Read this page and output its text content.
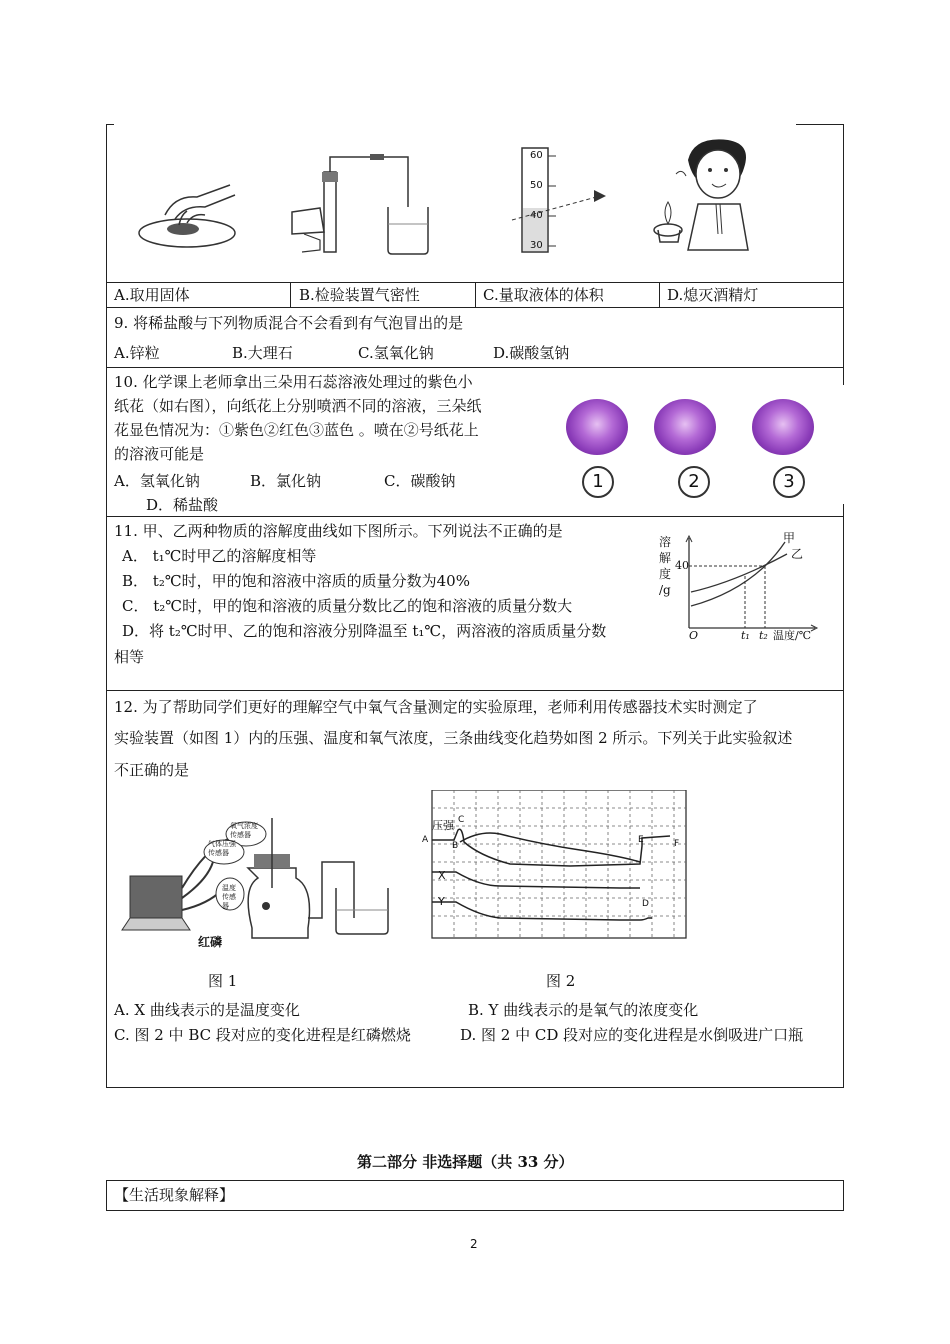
60
50
40
30
A.取用固体	B.检验装置气密性	C.量取液体的体积	D.熄灭酒精灯
9. 将稀盐酸与下列物质混合不会看到有气泡冒出的是
A.锌粒	B.大理石	C.氢氧化钠	D.碳酸氢钠
10. 化学课上老师拿出三朵用石蕊溶液处理过的紫色小
纸花（如右图），向纸花上分别喷洒不同的溶液，三朵纸
花显色情况为：①紫色②红色③蓝色 。喷在②号纸花上
的溶液可能是
A．氢氧化钠	B．氯化钠	C．碳酸钠
D．稀盐酸
1	2	3
11. 甲、乙两种物质的溶解度曲线如下图所示。下列说法不正确的是
A． t₁℃时甲乙的溶解度相等
B． t₂℃时，甲的饱和溶液中溶质的质量分数为40%
C． t₂℃时，甲的饱和溶液的质量分数比乙的饱和溶液的质量分数大
D．将 t₂℃时甲、乙的饱和溶液分别降温至 t₁℃，两溶液的溶质质量分数
相等
溶
解
度
/g
40
O	t₁ t₂ 温度/℃
甲
乙
12. 为了帮助同学们更好的理解空气中氧气含量测定的实验原理，老师利用传感器技术实时测定了
实验装置（如图 1）内的压强、温度和氧气浓度，三条曲线变化趋势如图 2 所示。下列关于此实验叙述
不正确的是
氧气浓度传感器
气体压强传感器
温度传感器
红磷
图 1
压强
A
B
C
D
E	F
X
Y
图 2
A. X 曲线表示的是温度变化	B. Y 曲线表示的是氧气的浓度变化
C. 图 2 中 BC 段对应的变化进程是红磷燃烧	D. 图 2 中 CD 段对应的变化进程是水倒吸进广口瓶
第二部分 非选择题（共 33 分）
【生活现象解释】
2
